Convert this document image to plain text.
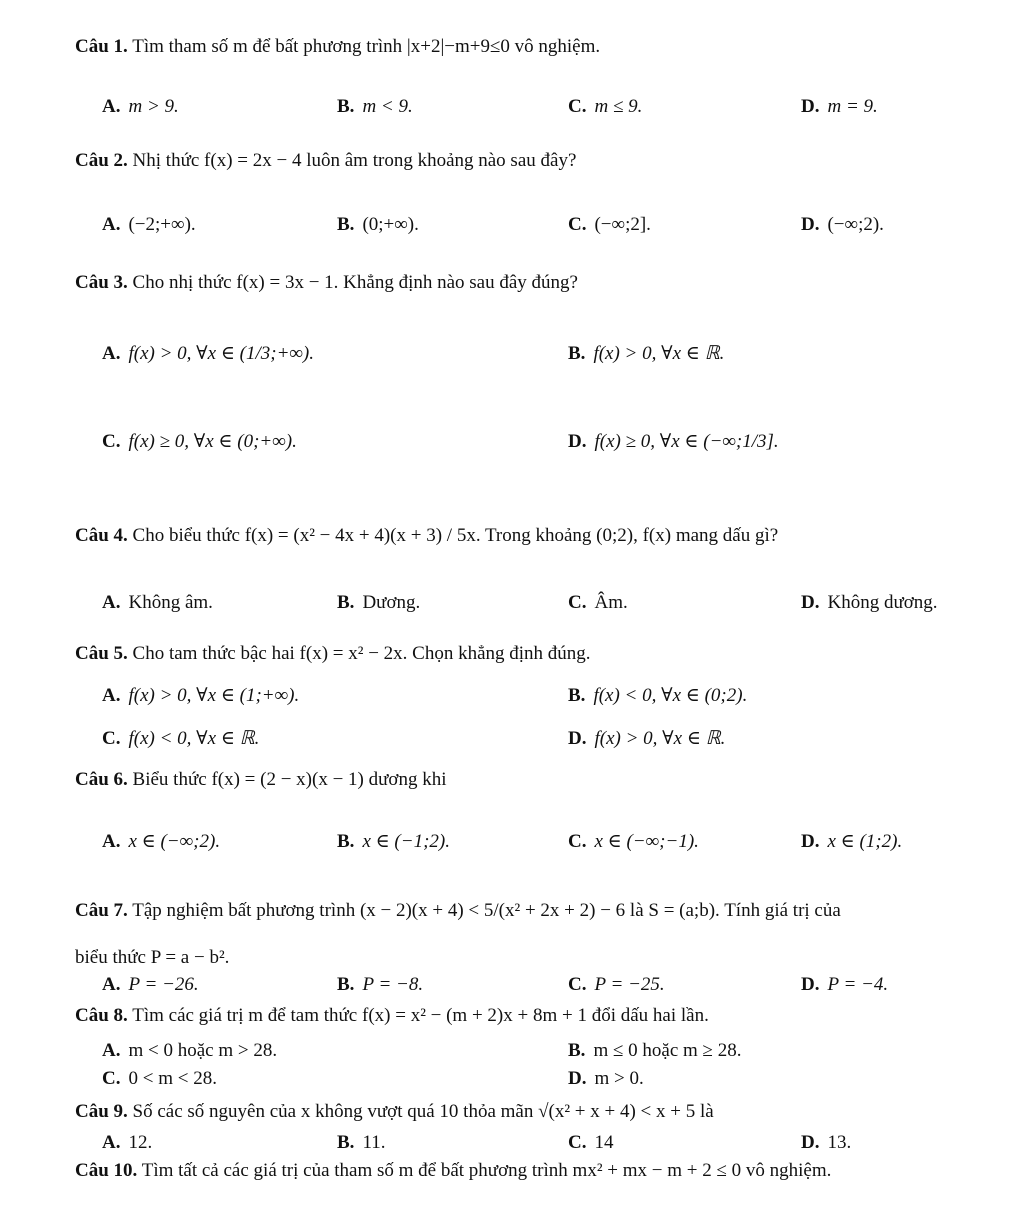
Câu 1. Tìm tham số m để bất phương trình |x+2|−m+9≤0 vô nghiệm.
A. m > 9.	B. m < 9.	C. m ≤ 9.	D. m = 9.
Câu 2. Nhị thức f(x) = 2x − 4 luôn âm trong khoảng nào sau đây?
A. (−2;+∞).	B. (0;+∞).	C. (−∞;2].	D. (−∞;2).
Câu 3. Cho nhị thức f(x) = 3x − 1. Khẳng định nào sau đây đúng?
A. f(x) > 0, ∀x ∈ (1/3;+∞).	B. f(x) > 0, ∀x ∈ ℝ.
C. f(x) ≥ 0, ∀x ∈ (0;+∞).	D. f(x) ≥ 0, ∀x ∈ (−∞;1/3].
Câu 4. Cho biểu thức f(x) = (x² − 4x + 4)(x + 3) / 5x. Trong khoảng (0;2), f(x) mang dấu gì?
A. Không âm.	B. Dương.	C. Âm.	D. Không dương.
Câu 5. Cho tam thức bậc hai f(x) = x² − 2x. Chọn khẳng định đúng.
A. f(x) > 0, ∀x ∈ (1;+∞).	B. f(x) < 0, ∀x ∈ (0;2).
C. f(x) < 0, ∀x ∈ ℝ.	D. f(x) > 0, ∀x ∈ ℝ.
Câu 6. Biểu thức f(x) = (2 − x)(x − 1) dương khi
A. x ∈ (−∞;2).	B. x ∈ (−1;2).	C. x ∈ (−∞;−1).	D. x ∈ (1;2).
Câu 7. Tập nghiệm bất phương trình (x − 2)(x + 4) < 5/(x² + 2x + 2) − 6 là S = (a;b). Tính giá trị của
biểu thức P = a − b².
A. P = −26.	B. P = −8.	C. P = −25.	D. P = −4.
Câu 8. Tìm các giá trị m để tam thức f(x) = x² − (m + 2)x + 8m + 1 đổi dấu hai lần.
A. m < 0 hoặc m > 28.	B. m ≤ 0 hoặc m ≥ 28.
C. 0 < m < 28.	D. m > 0.
Câu 9. Số các số nguyên của x không vượt quá 10 thỏa mãn √(x² + x + 4) < x + 5 là
A. 12.	B. 11.	C. 14	D. 13.
Câu 10. Tìm tất cả các giá trị của tham số m để bất phương trình mx² + mx − m + 2 ≤ 0 vô nghiệm.
